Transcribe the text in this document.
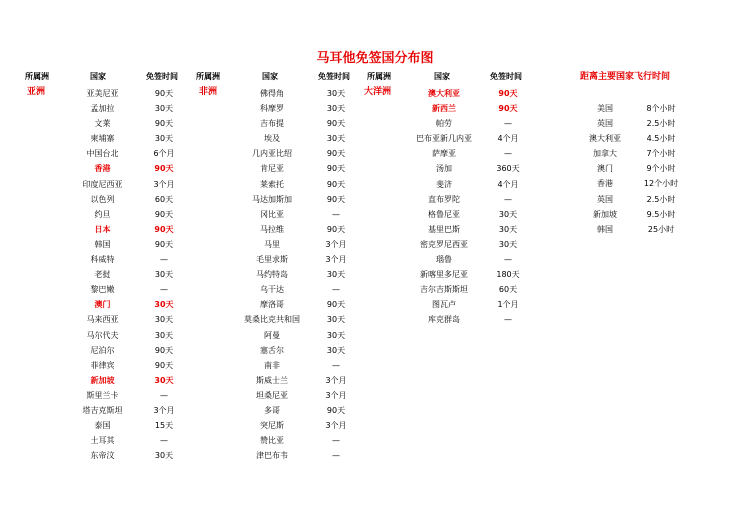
马耳他免签国分布图
所属洲	国家	免签时间 所属洲	国家	免签时间 所属洲	国家	免签时间	距离主要国家飞行时间
亚洲	非洲	大洋洲
亚美尼亚	90天
孟加拉	30天
文莱	90天
柬埔寨	30天
中国台北	6个月
香港	90天
印度尼西亚	3个月
以色列	60天
约旦	90天
日本	90天
韩国	90天
科威特	—
老挝	30天
黎巴嫩	—
澳门	30天
马来西亚	30天
马尔代夫	30天
尼泊尔	90天
菲律宾	90天
新加坡	30天
斯里兰卡	—
塔吉克斯坦	3个月
泰国	15天
土耳其	—
东帝汶	30天
佛得角	30天
科摩罗	30天
吉布提	90天
埃及	30天
几内亚比绍	90天
肯尼亚	90天
莱索托	90天
马达加斯加	90天
冈比亚	—
马拉维	90天
马里	3个月
毛里求斯	3个月
马约特岛	30天
乌干达	—
摩洛哥	90天
莫桑比克共和国	30天
阿曼	30天
塞舌尔	30天
南非	—
斯威士兰	3个月
坦桑尼亚	3个月
多哥	90天
突尼斯	3个月
赞比亚	—
津巴布韦	—
澳大利亚	90天
新西兰	90天
帕劳	—
巴布亚新几内亚	4个月
萨摩亚	—
汤加	360天
斐济	4个月
直布罗陀	—
格鲁尼亚	30天
基里巴斯	30天
密克罗尼西亚	30天
瑙鲁	—
新喀里多尼亚	180天
吉尔吉斯斯坦	60天
图瓦卢	1个月
库克群岛	—
美国	8个小时
英国	2.5小时
澳大利亚	4.5小时
加拿大	7个小时
澳门	9个小时
香港	12个小时
英国	2.5小时
新加坡	9.5小时
韩国	25小时
